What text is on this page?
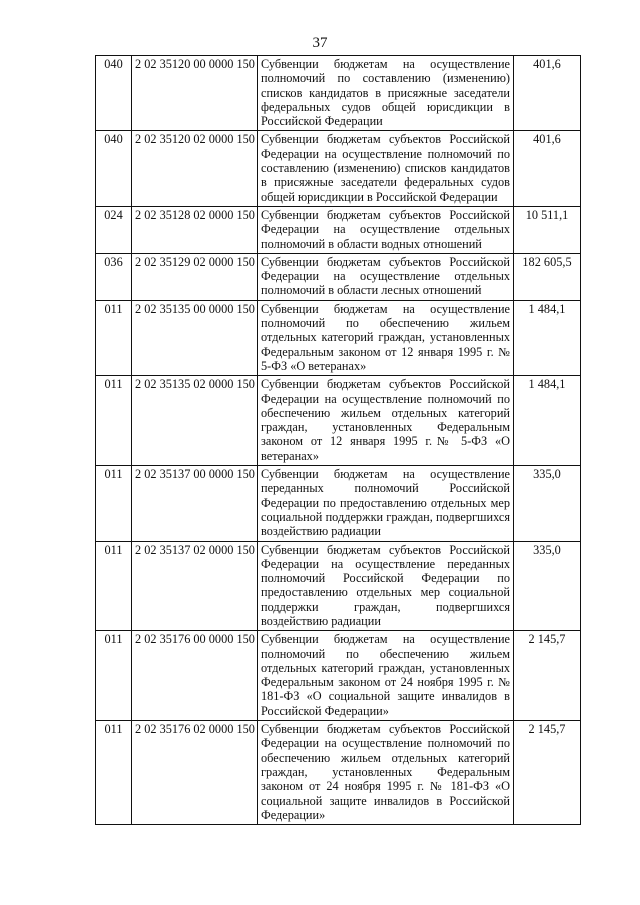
37
040	2 02 35120 00 0000 150	Субвенции бюджетам на осуществление полномочий по составлению (изменению) списков кандидатов в присяжные заседатели федеральных судов общей юрисдикции в Российской Федерации	401,6
040	2 02 35120 02 0000 150	Субвенции бюджетам субъектов Российской Федерации на осуществление полномочий по составлению (изменению) списков кандидатов в присяжные заседатели федеральных судов общей юрисдикции в Российской Федерации	401,6
024	2 02 35128 02 0000 150	Субвенции бюджетам субъектов Российской Федерации на осуществление отдельных полномочий в области водных отношений	10 511,1
036	2 02 35129 02 0000 150	Субвенции бюджетам субъектов Российской Федерации на осуществление отдельных полномочий в области лесных отношений	182 605,5
011	2 02 35135 00 0000 150	Субвенции бюджетам на осуществление полномочий по обеспечению жильем отдельных категорий граждан, установленных Федеральным законом от 12 января 1995 г. № 5-ФЗ «О ветеранах»	1 484,1
011	2 02 35135 02 0000 150	Субвенции бюджетам субъектов Российской Федерации на осуществление полномочий по обеспечению жильем отдельных категорий граждан, установленных Федеральным законом от 12 января 1995 г.№ 5-ФЗ «О ветеранах»	1 484,1
011	2 02 35137 00 0000 150	Субвенции бюджетам на осуществление переданных полномочий Российской Федерации по предоставлению отдельных мер социальной поддержки граждан, подвергшихся воздействию радиации	335,0
011	2 02 35137 02 0000 150	Субвенции бюджетам субъектов Российской Федерации на осуществление переданных полномочий Российской Федерации по предоставлению отдельных мер социальной поддержки граждан, подвергшихся воздействию радиации	335,0
011	2 02 35176 00 0000 150	Субвенции бюджетам на осуществление полномочий по обеспечению жильем отдельных категорий граждан, установленных Федеральным законом от 24 ноября 1995 г. № 181-ФЗ «О социальной защите инвалидов в Российской Федерации»	2 145,7
011	2 02 35176 02 0000 150	Субвенции бюджетам субъектов Российской Федерации на осуществление полномочий по обеспечению жильем отдельных категорий граждан, установленных Федеральным законом от 24 ноября 1995 г. № 181-ФЗ «О социальной защите инвалидов в Российской Федерации»	2 145,7
